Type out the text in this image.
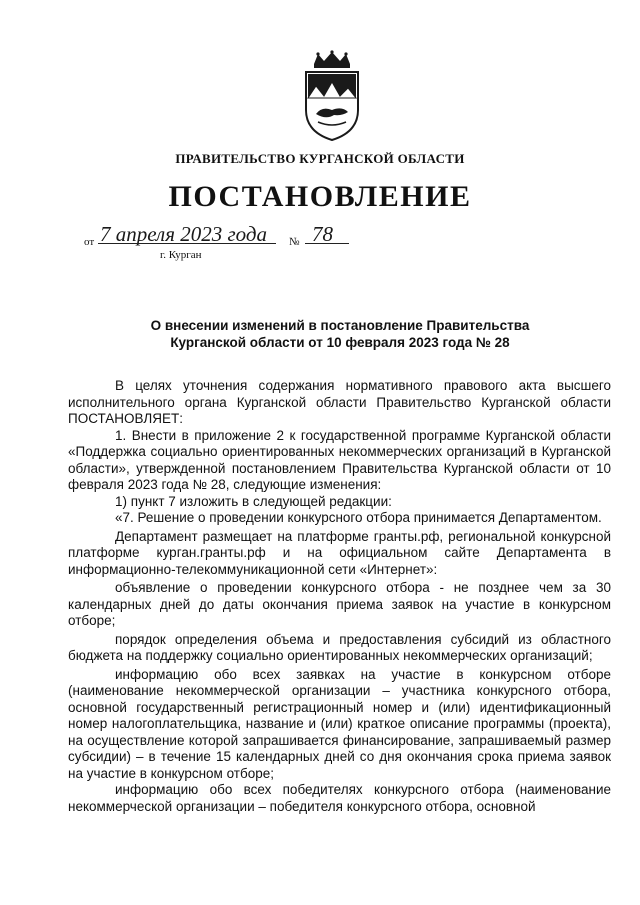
ПРАВИТЕЛЬСТВО КУРГАНСКОЙ ОБЛАСТИ
ПОСТАНОВЛЕНИЕ
от 7 апреля 2023 года № 78
г. Курган
О внесении изменений в постановление Правительства
Курганской области от 10 февраля 2023 года № 28

В целях уточнения содержания нормативного правового акта высшего исполнительного органа Курганской области Правительство Курганской области ПОСТАНОВЛЯЕТ:

1. Внести в приложение 2 к государственной программе Курганской области «Поддержка социально ориентированных некоммерческих организаций в Курганской области», утвержденной постановлением Правительства Курганской области от 10 февраля 2023 года № 28, следующие изменения:

1) пункт 7 изложить в следующей редакции:

«7. Решение о проведении конкурсного отбора принимается Департаментом.

Департамент размещает на платформе гранты.рф, региональной конкурсной платформе курган.гранты.рф и на официальном сайте Департамента в информационно-телекоммуникационной сети «Интернет»:

объявление о проведении конкурсного отбора - не позднее чем за 30 календарных дней до даты окончания приема заявок на участие в конкурсном отборе;

порядок определения объема и предоставления субсидий из областного бюджета на поддержку социально ориентированных некоммерческих организаций;

информацию обо всех заявках на участие в конкурсном отборе (наименование некоммерческой организации – участника конкурсного отбора, основной государственный регистрационный номер и (или) идентификационный номер налогоплательщика, название и (или) краткое описание программы (проекта), на осуществление которой запрашивается финансирование, запрашиваемый размер субсидии) – в течение 15 календарных дней со дня окончания срока приема заявок на участие в конкурсном отборе;

информацию обо всех победителях конкурсного отбора (наименование некоммерческой организации – победителя конкурсного отбора, основной
